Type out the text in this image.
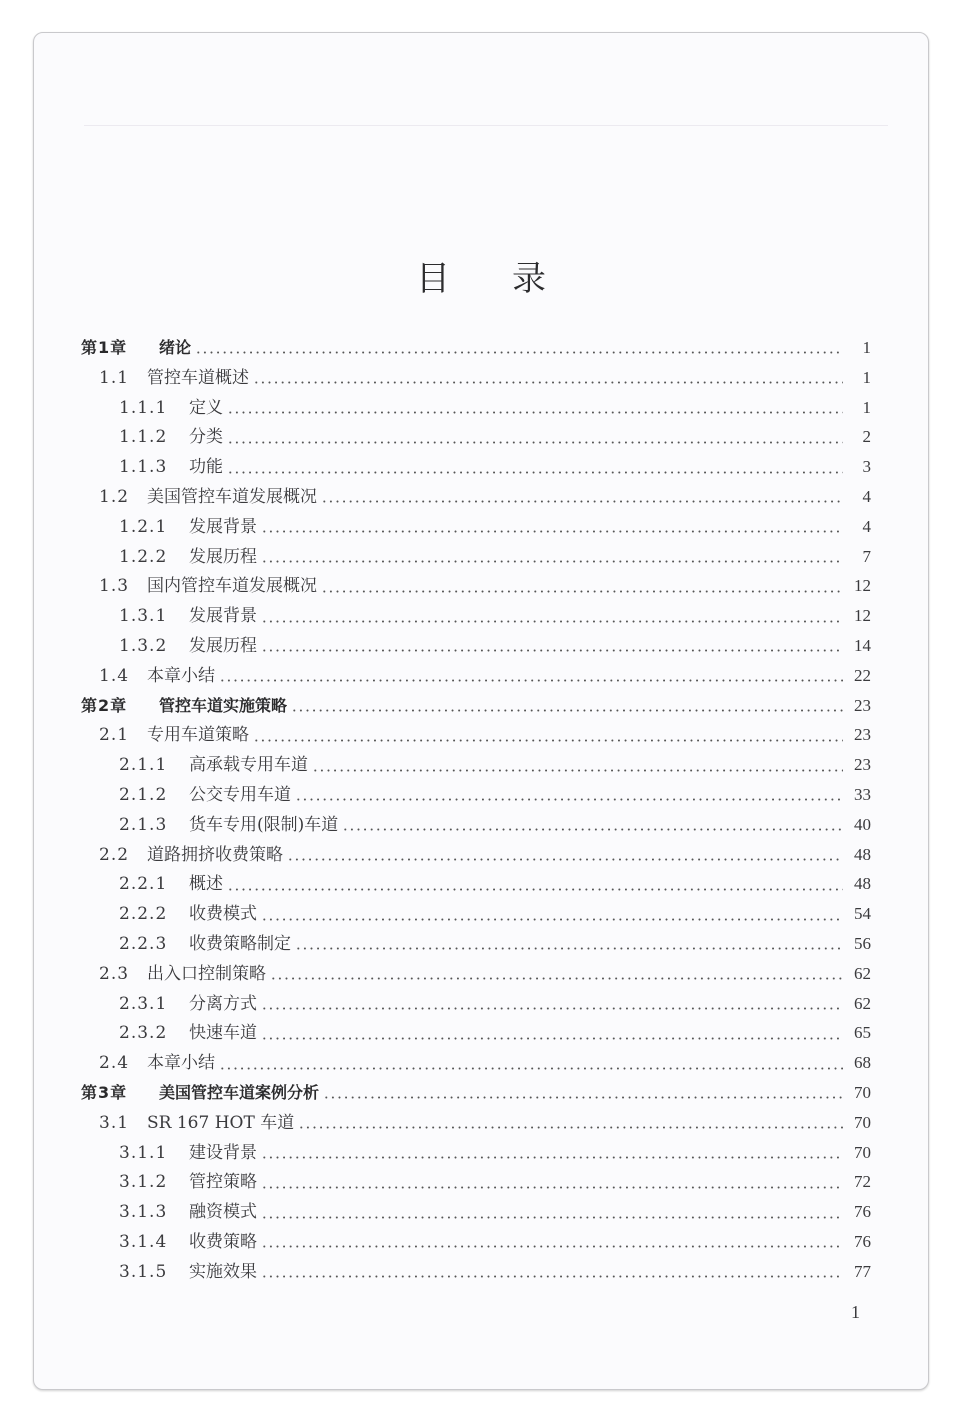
目录
第1章	绪论	1
1.1	管控车道概述	1
1.1.1	定义	1
1.1.2	分类	2
1.1.3	功能	3
1.2	美国管控车道发展概况	4
1.2.1	发展背景	4
1.2.2	发展历程	7
1.3	国内管控车道发展概况	12
1.3.1	发展背景	12
1.3.2	发展历程	14
1.4	本章小结	22
第2章	管控车道实施策略	23
2.1	专用车道策略	23
2.1.1	高承载专用车道	23
2.1.2	公交专用车道	33
2.1.3	货车专用(限制)车道	40
2.2	道路拥挤收费策略	48
2.2.1	概述	48
2.2.2	收费模式	54
2.2.3	收费策略制定	56
2.3	出入口控制策略	62
2.3.1	分离方式	62
2.3.2	快速车道	65
2.4	本章小结	68
第3章	美国管控车道案例分析	70
3.1	SR 167 HOT 车道	70
3.1.1	建设背景	70
3.1.2	管控策略	72
3.1.3	融资模式	76
3.1.4	收费策略	76
3.1.5	实施效果	77
1
